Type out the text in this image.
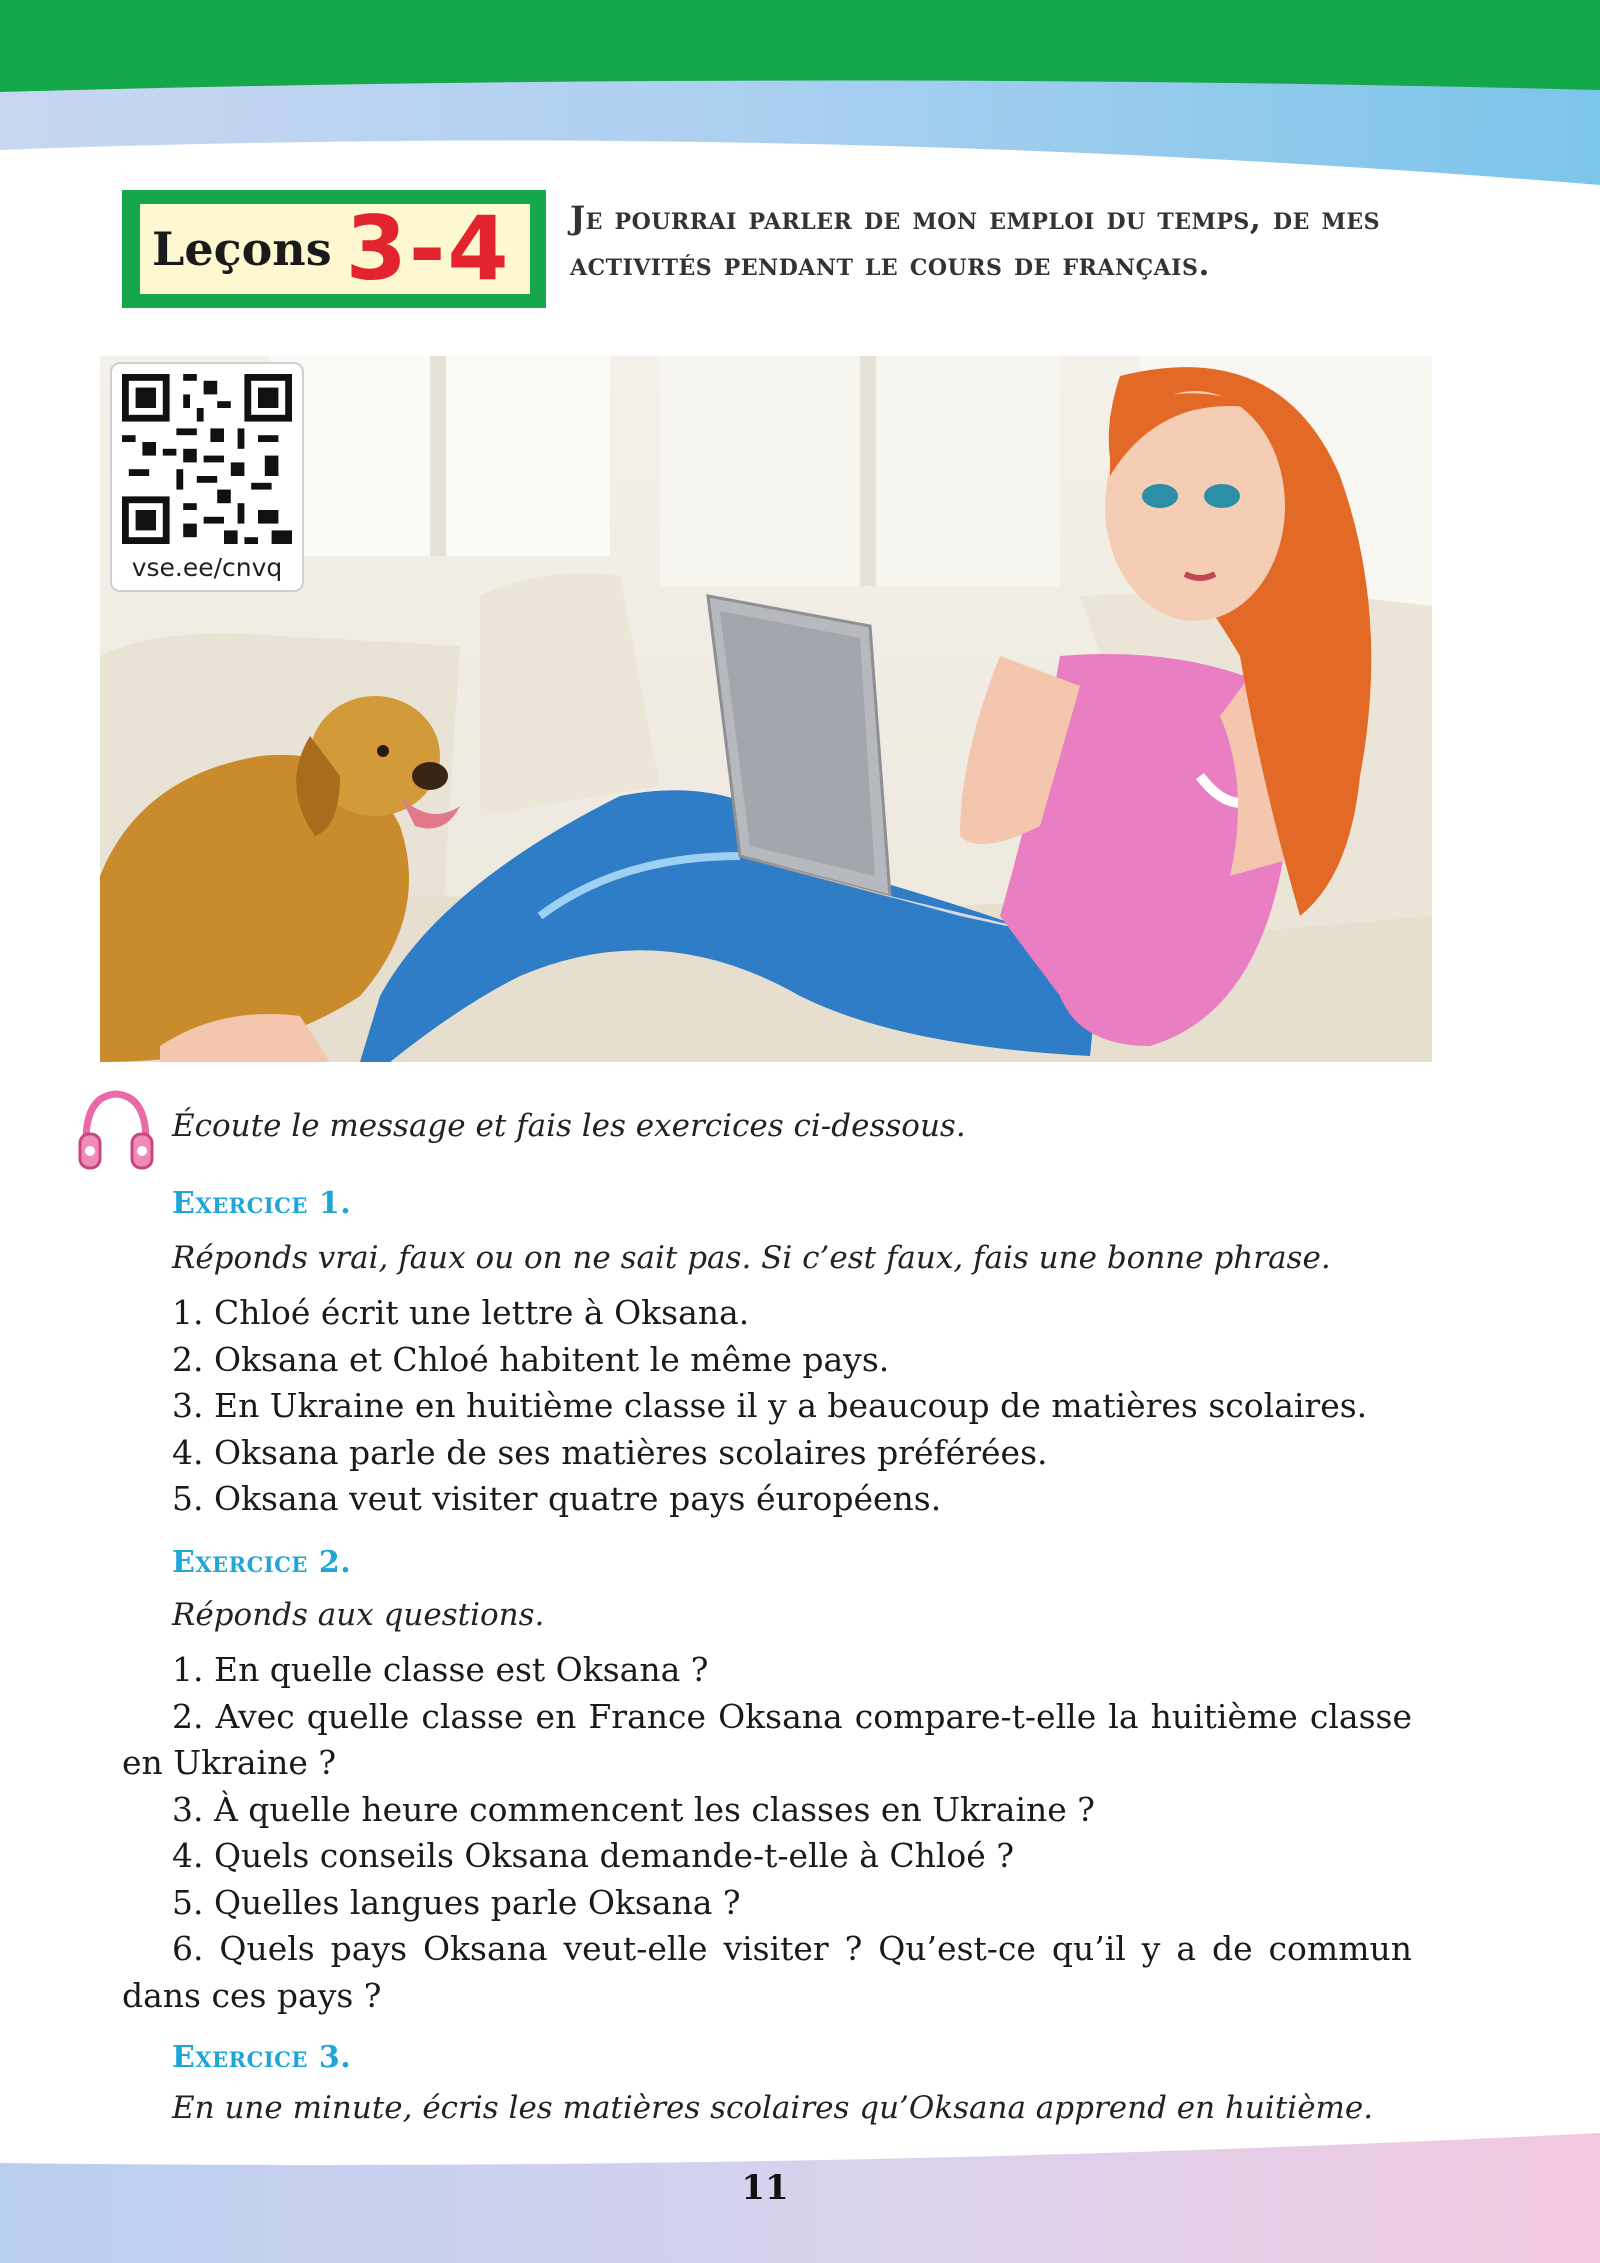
Leçons 3-4 Je pourrai parler de mon emploi du temps, de mes activités pendant le cours de français.
vse.ee/cnvq
Écoute le message et fais les exercices ci-dessous.
Exercice 1.
Réponds vrai, faux ou on ne sait pas. Si c’est faux, fais une bonne phrase.
1. Chloé écrit une lettre à Oksana.
2. Oksana et Chloé habitent le même pays.
3. En Ukraine en huitième classe il y a beaucoup de matières scolaires.
4. Oksana parle de ses matières scolaires préférées.
5. Oksana veut visiter quatre pays éuropéens.
Exercice 2.
Réponds aux questions.
1. En quelle classe est Oksana ?
2. Avec quelle classe en France Oksana compare-t-elle la huitième classe en Ukraine ?
3. À quelle heure commencent les classes en Ukraine ?
4. Quels conseils Oksana demande-t-elle à Chloé ?
5. Quelles langues parle Oksana ?
6. Quels pays Oksana veut-elle visiter ? Qu’est-ce qu’il y a de commun dans ces pays ?
Exercice 3.
En une minute, écris les matières scolaires qu’Oksana apprend en huitième.
11
